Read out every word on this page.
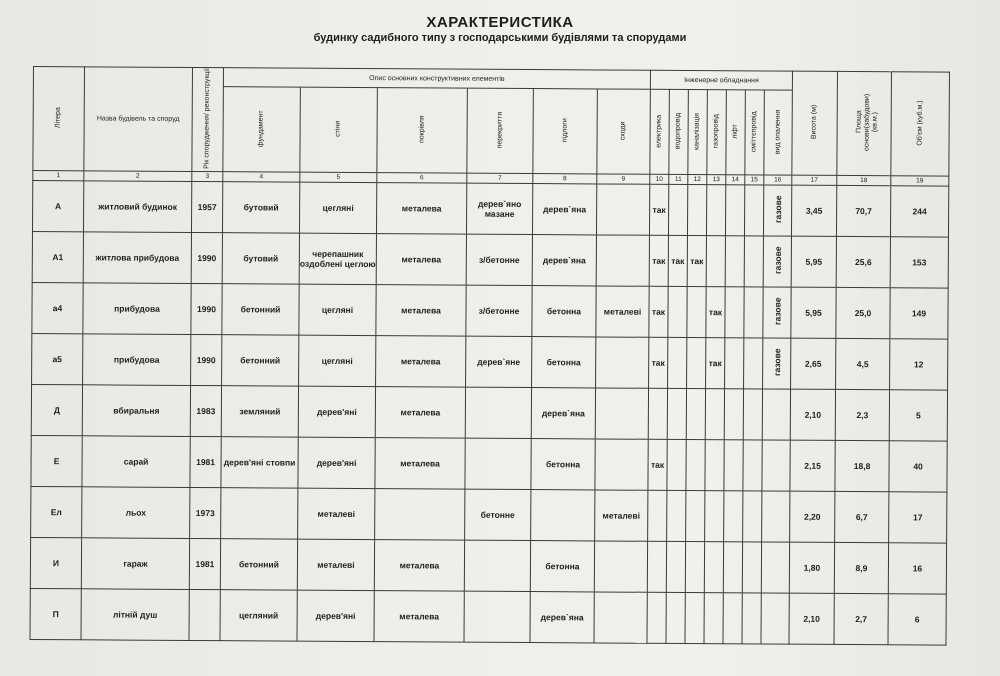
ХАРАКТЕРИСТИКА
будинку садибного типу з господарськими будівлями та спорудами
Літера	Назва будівель та споруд	Рік спорудження/ реконструкції	Опис основних конструктивних елементів						Інженерне обладнання							Висота (м)	Площа основи(забудови) (кв.м.)	Об'єм (куб.м.)
			фундамент	стіни	покрівля	перекриття	підлоги	сходи	електрика	водопровід	каналізація	газопровід	ліфт	сміттєпровід	вид опалення			
1	2	3	4	5	6	7	8	9	10	11	12	13	14	15	16	17	18	19
А	житловий будинок	1957	бутовий	цегляні	металева	дерев`яно мазане	дерев`яна		так						газове	3,45	70,7	244
А1	житлова прибудова	1990	бутовий	черепашник оздоблені цеглою	металева	з/бетонне	дерев`яна		так	так	так				газове	5,95	25,6	153
а4	прибудова	1990	бетонний	цегляні	металева	з/бетонне	бетонна	металеві	так			так			газове	5,95	25,0	149
а5	прибудова	1990	бетонний	цегляні	металева	дерев`яне	бетонна		так			так			газове	2,65	4,5	12
Д	вбиральня	1983	земляний	дерев'яні	металева		дерев`яна									2,10	2,3	5
Е	сарай	1981	дерев'яні стовпи	дерев'яні	металева		бетонна		так							2,15	18,8	40
Ел	льох	1973		металеві		бетонне		металеві								2,20	6,7	17
И	гараж	1981	бетонний	металеві	металева		бетонна									1,80	8,9	16
П	літній душ		цегляний	дерев'яні	металева		дерев`яна									2,10	2,7	6
